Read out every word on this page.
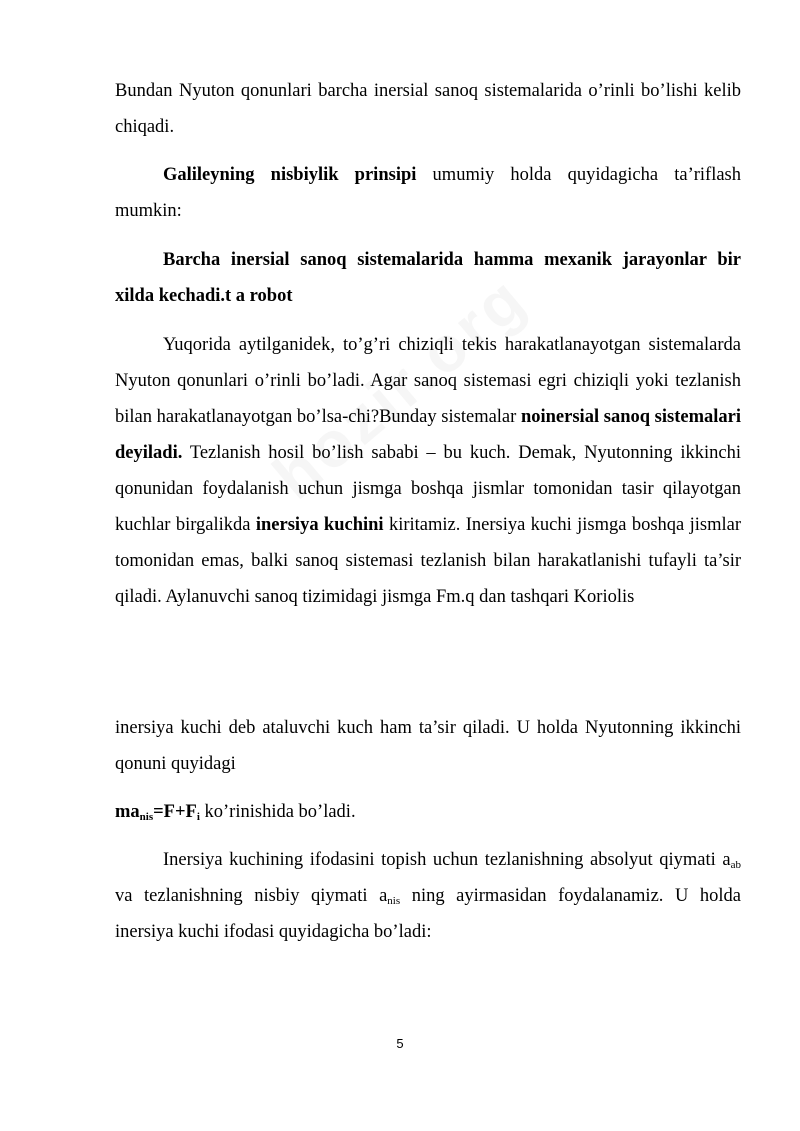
Bundan Nyuton qonunlari barcha inersial sanoq sistemalarida o’rinli bo’lishi kelib chiqadi.

Galileyning nisbiylik prinsipi umumiy holda quyidagicha ta’riflash mumkin:

Barcha inersial sanoq sistemalarida hamma mexanik jarayonlar bir xilda kechadi.t a robot

Yuqorida aytilganidek, to’g’ri chiziqli tekis harakatlanayotgan sistemalarda Nyuton qonunlari o’rinli bo’ladi. Agar sanoq sistemasi egri chiziqli yoki tezlanish bilan harakatlanayotgan bo’lsa-chi?Bunday sistemalar noinersial sanoq sistemalari deyiladi. Tezlanish hosil bo’lish sababi – bu kuch. Demak, Nyutonning ikkinchi qonunidan foydalanish uchun jismga boshqa jismlar tomonidan tasir qilayotgan kuchlar birgalikda inersiya kuchini kiritamiz. Inersiya kuchi jismga boshqa jismlar tomonidan emas, balki sanoq sistemasi tezlanish bilan harakatlanishi tufayli ta’sir qiladi. Aylanuvchi sanoq tizimidagi jismga Fm.q dan tashqari Koriolis

inersiya kuchi deb ataluvchi kuch ham ta’sir qiladi. U holda Nyutonning ikkinchi qonuni quyidagi

$ma_{nis}=F+F_i$ ko’rinishida bo’ladi.

Inersiya kuchining ifodasini topish uchun tezlanishning absolyut qiymati $a_{ab}$ va tezlanishning nisbiy qiymati $a_{nis}$ ning ayirmasidan foydalanamiz. U holda inersiya kuchi ifodasi quyidagicha bo’ladi:

5
